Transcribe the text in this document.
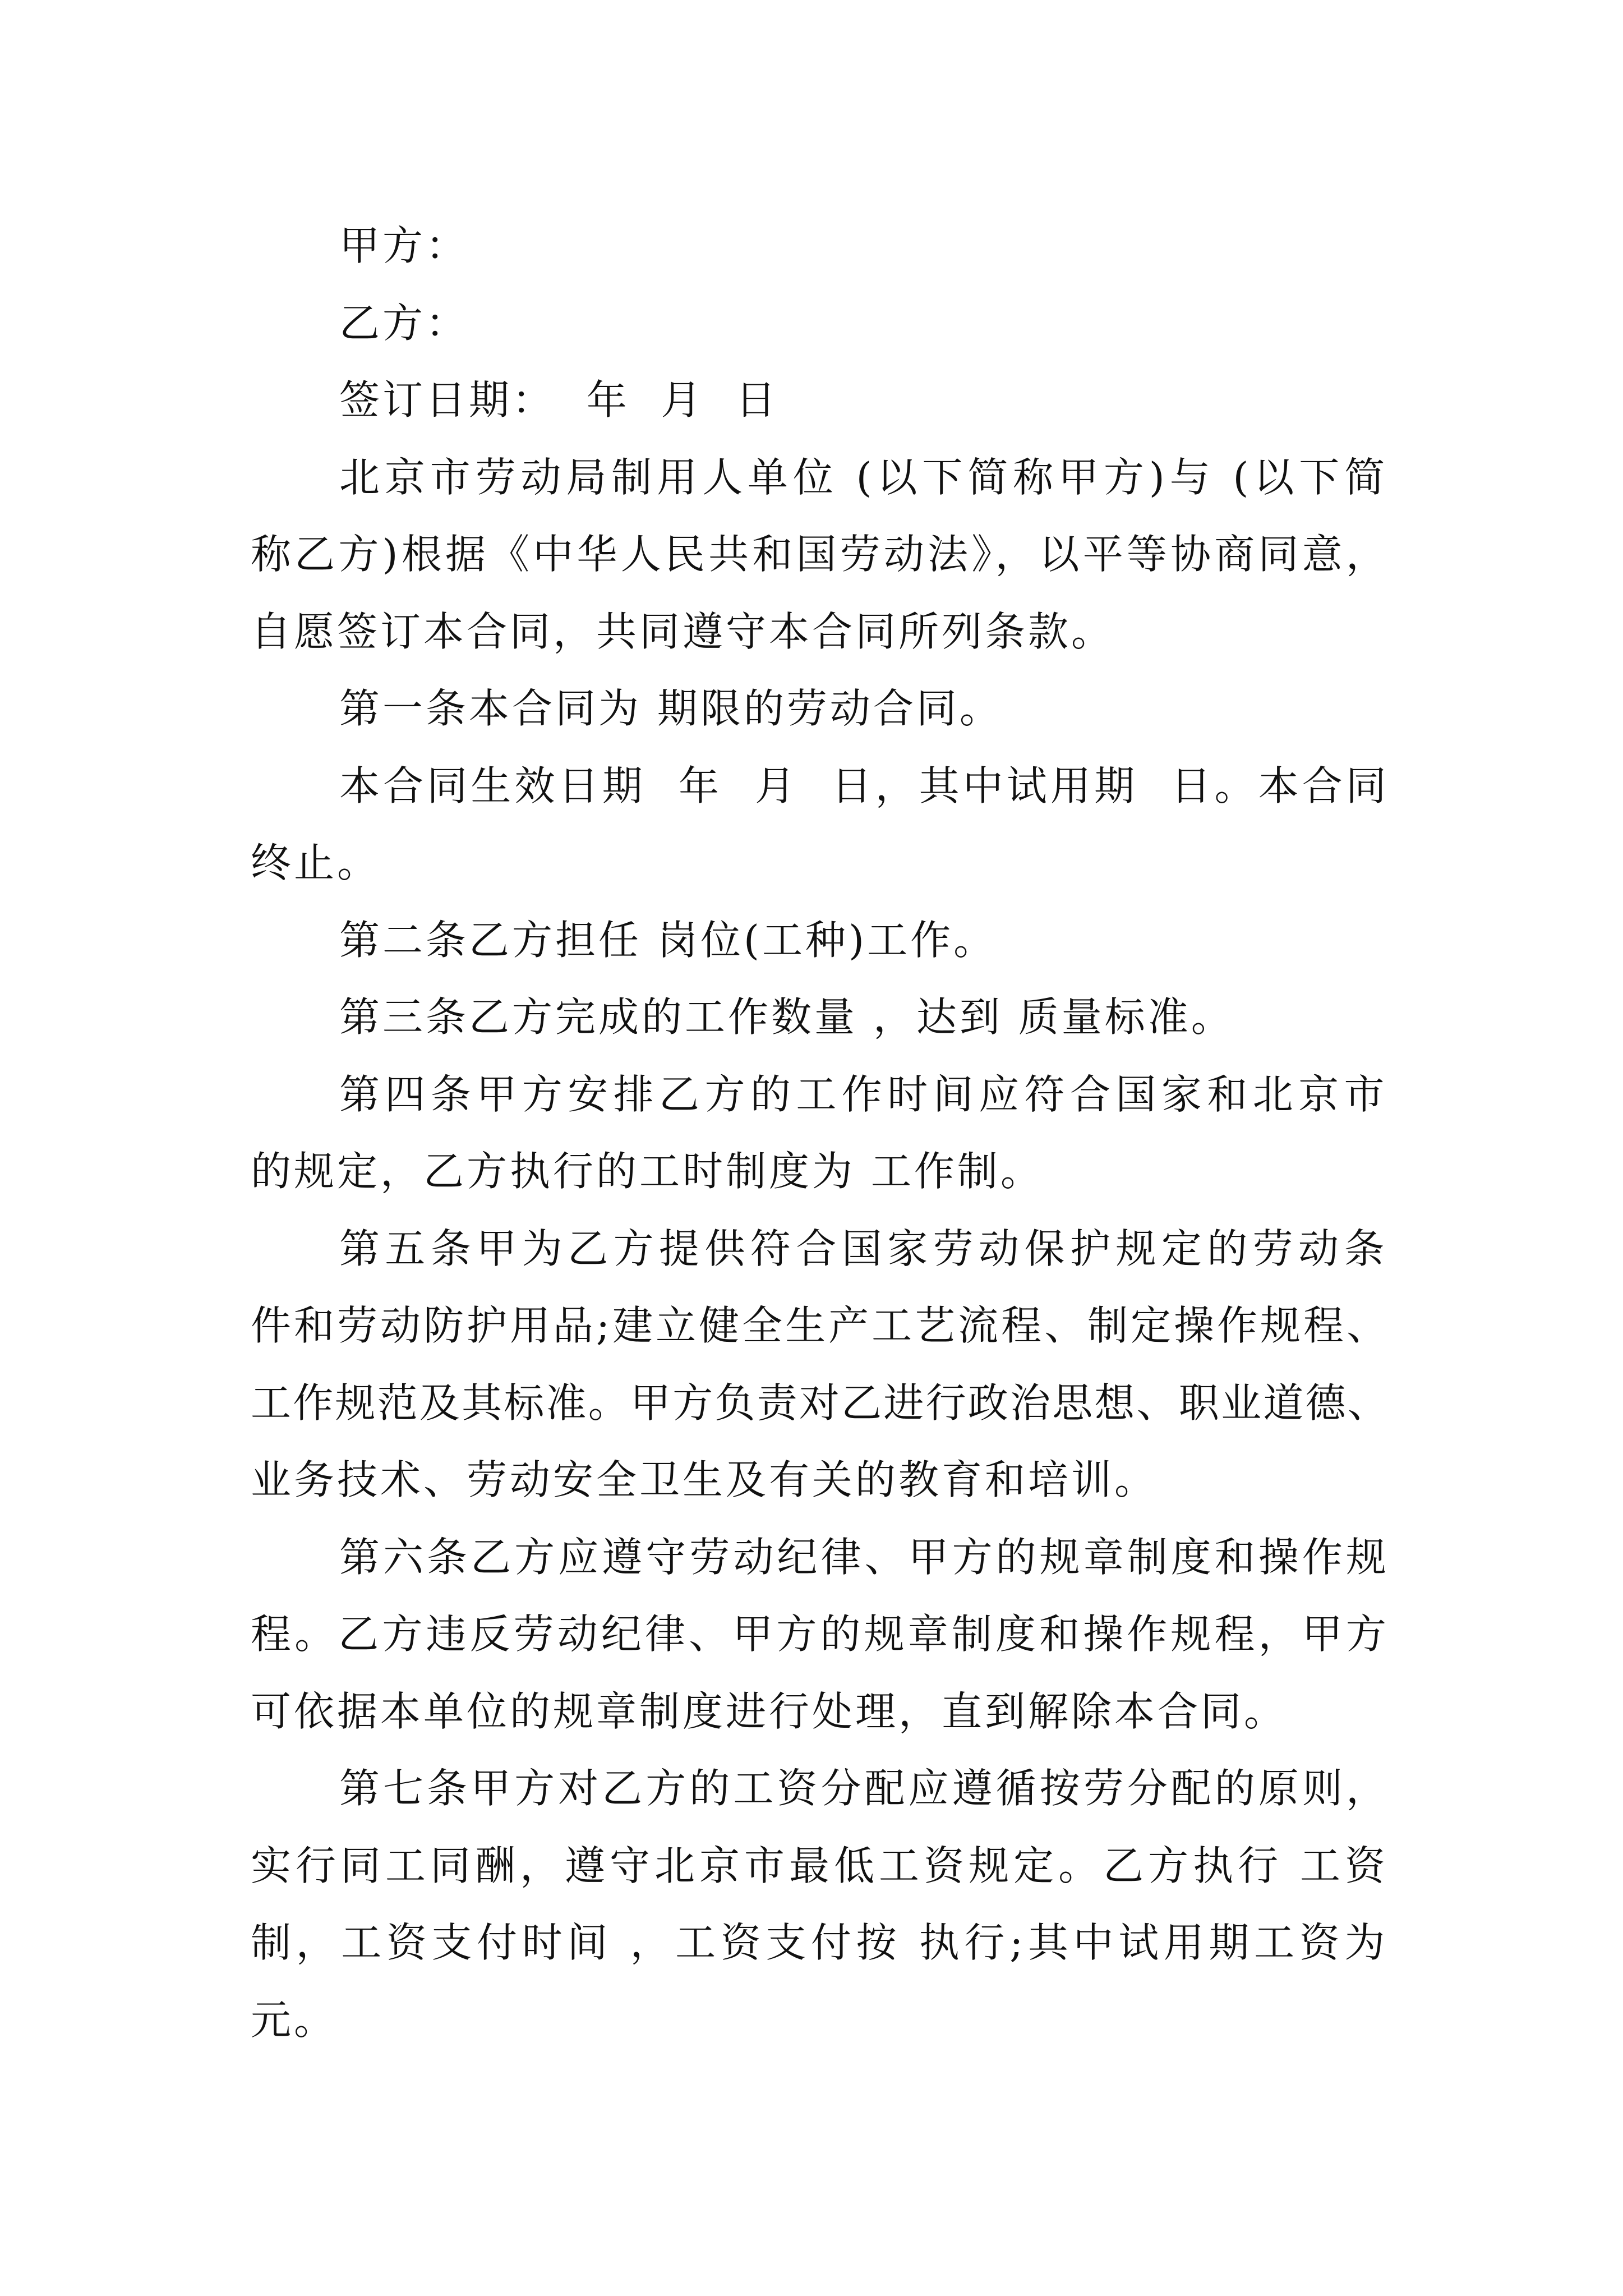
甲方：
乙方：
签订日期：  年  月  日
北京市劳动局制用人单位 (以下简称甲方)与 (以下简
称乙方)根据《中华人民共和国劳动法》，以平等协商同意，
自愿签订本合同，共同遵守本合同所列条款。
第一条本合同为 期限的劳动合同。
本合同生效日期  年  月  日，其中试用期  日。本合同
终止。
第二条乙方担任 岗位(工种)工作。
第三条乙方完成的工作数量 ，达到 质量标准。
第四条甲方安排乙方的工作时间应符合国家和北京市
的规定，乙方执行的工时制度为 工作制。
第五条甲为乙方提供符合国家劳动保护规定的劳动条
件和劳动防护用品;建立健全生产工艺流程、制定操作规程、
工作规范及其标准。甲方负责对乙进行政治思想、职业道德、
业务技术、劳动安全卫生及有关的教育和培训。
第六条乙方应遵守劳动纪律、甲方的规章制度和操作规
程。乙方违反劳动纪律、甲方的规章制度和操作规程，甲方
可依据本单位的规章制度进行处理，直到解除本合同。
第七条甲方对乙方的工资分配应遵循按劳分配的原则，
实行同工同酬，遵守北京市最低工资规定。乙方执行 工资
制，工资支付时间 ，工资支付按 执行;其中试用期工资为
元。
